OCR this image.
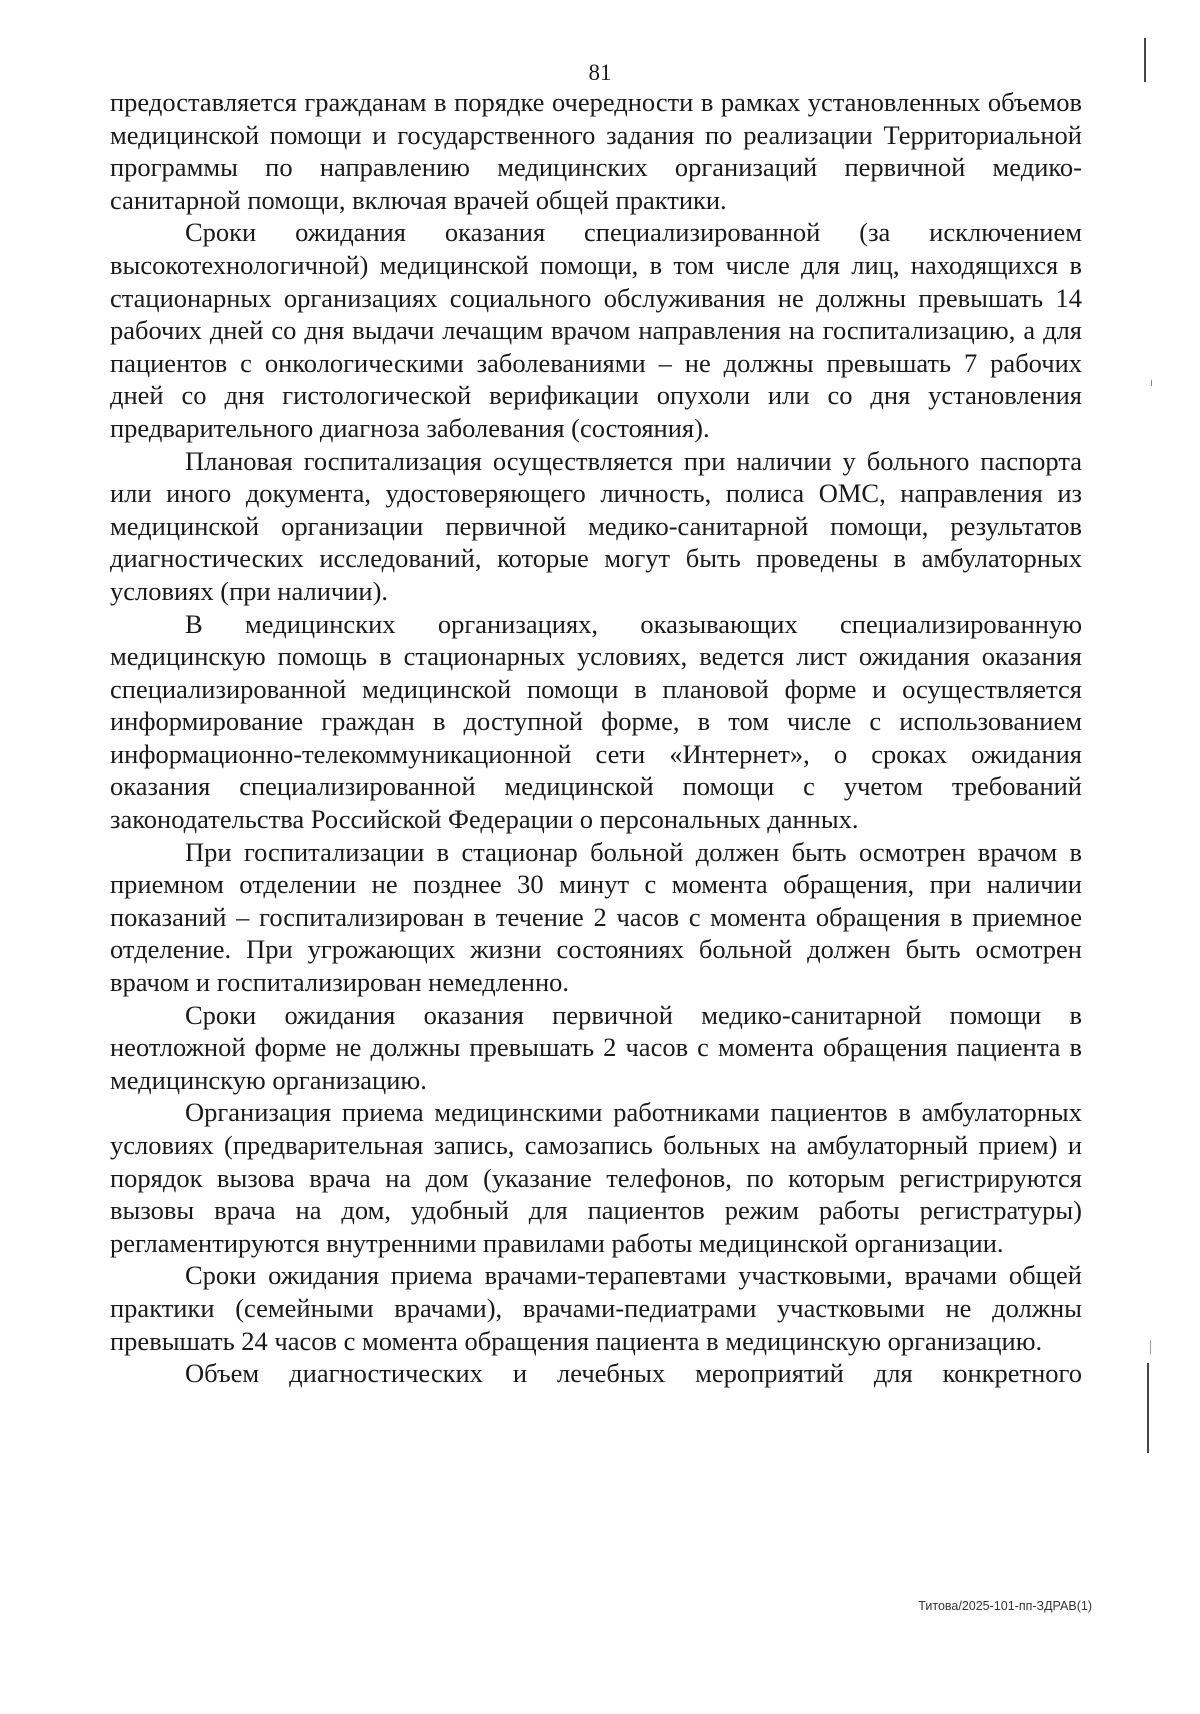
81

предоставляется гражданам в порядке очередности в рамках установленных объемов медицинской помощи и государственного задания по реализации Территориальной программы по направлению медицинских организаций первичной медико-санитарной помощи, включая врачей общей практики.

Сроки ожидания оказания специализированной (за исключением высокотехнологичной) медицинской помощи, в том числе для лиц, находящихся в стационарных организациях социального обслуживания не должны превышать 14 рабочих дней со дня выдачи лечащим врачом направления на госпитализацию, а для пациентов с онкологическими заболеваниями – не должны превышать 7 рабочих дней со дня гистологической верификации опухоли или со дня установления предварительного диагноза заболевания (состояния).

Плановая госпитализация осуществляется при наличии у больного паспорта или иного документа, удостоверяющего личность, полиса ОМС, направления из медицинской организации первичной медико-санитарной помощи, результатов диагностических исследований, которые могут быть проведены в амбулаторных условиях (при наличии).

В медицинских организациях, оказывающих специализированную медицинскую помощь в стационарных условиях, ведется лист ожидания оказания специализированной медицинской помощи в плановой форме и осуществляется информирование граждан в доступной форме, в том числе с использованием информационно-телекоммуникационной сети «Интернет», о сроках ожидания оказания специализированной медицинской помощи с учетом требований законодательства Российской Федерации о персональных данных.

При госпитализации в стационар больной должен быть осмотрен врачом в приемном отделении не позднее 30 минут с момента обращения, при наличии показаний – госпитализирован в течение 2 часов с момента обращения в приемное отделение. При угрожающих жизни состояниях больной должен быть осмотрен врачом и госпитализирован немедленно.

Сроки ожидания оказания первичной медико-санитарной помощи в неотложной форме не должны превышать 2 часов с момента обращения пациента в медицинскую организацию.

Организация приема медицинскими работниками пациентов в амбулаторных условиях (предварительная запись, самозапись больных на амбулаторный прием) и порядок вызова врача на дом (указание телефонов, по которым регистрируются вызовы врача на дом, удобный для пациентов режим работы регистратуры) регламентируются внутренними правилами работы медицинской организации.

Сроки ожидания приема врачами-терапевтами участковыми, врачами общей практики (семейными врачами), врачами-педиатрами участковыми не должны превышать 24 часов с момента обращения пациента в медицинскую организацию.

Объем диагностических и лечебных мероприятий для конкретного

Титова/2025-101-пп-ЗДРАВ(1)
